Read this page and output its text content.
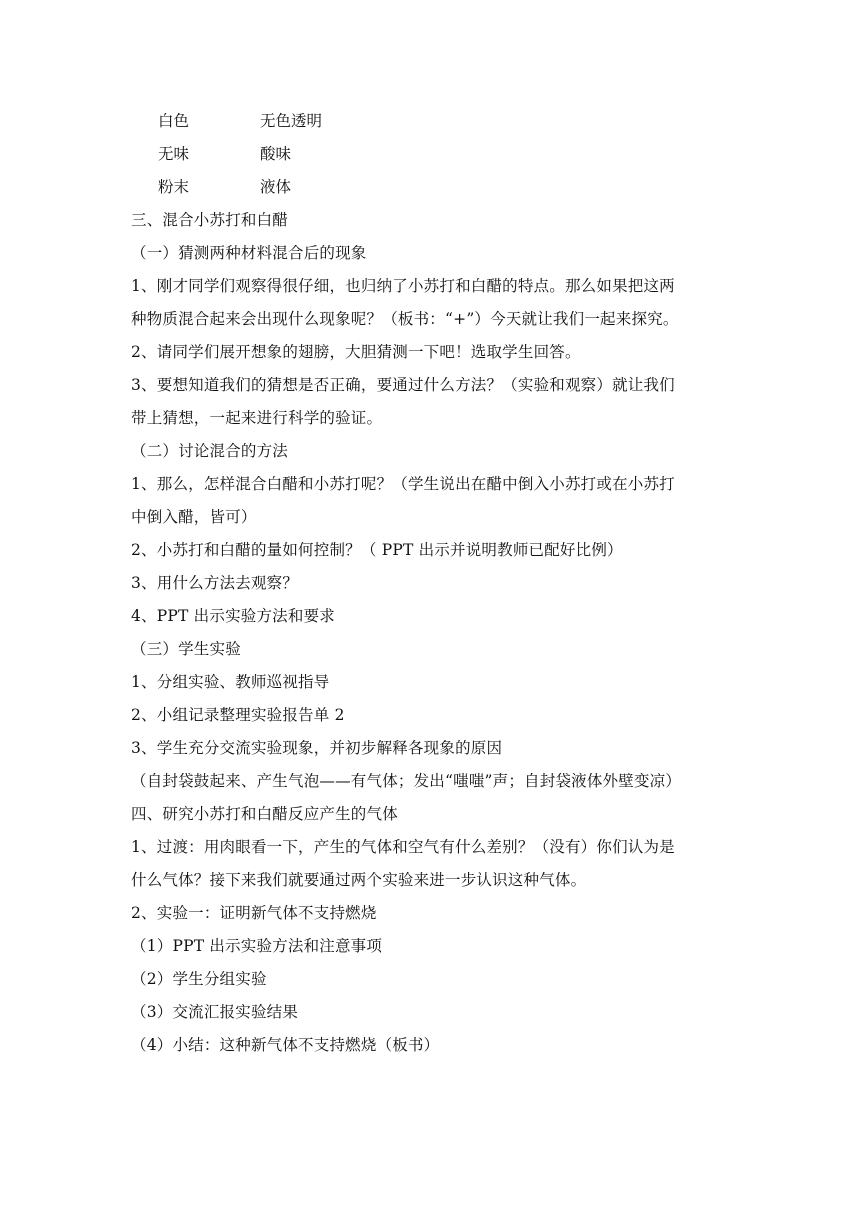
白色	无色透明
无味	酸味
粉末	液体
三、混合小苏打和白醋
（一）猜测两种材料混合后的现象
1、刚才同学们观察得很仔细，也归纳了小苏打和白醋的特点。那么如果把这两
种物质混合起来会出现什么现象呢？（板书：“+”）今天就让我们一起来探究。
2、请同学们展开想象的翅膀，大胆猜测一下吧！选取学生回答。
3、要想知道我们的猜想是否正确，要通过什么方法？（实验和观察）就让我们
带上猜想，一起来进行科学的验证。
（二）讨论混合的方法
1、那么，怎样混合白醋和小苏打呢？（学生说出在醋中倒入小苏打或在小苏打
中倒入醋，皆可）
2、小苏打和白醋的量如何控制？（ PPT 出示并说明教师已配好比例）
3、用什么方法去观察？
4、PPT 出示实验方法和要求
（三）学生实验
1、分组实验、教师巡视指导
2、小组记录整理实验报告单 2
3、学生充分交流实验现象，并初步解释各现象的原因
（自封袋鼓起来、产生气泡——有气体；发出“嗤嗤”声；自封袋液体外壁变凉）
四、研究小苏打和白醋反应产生的气体
1、过渡：用肉眼看一下，产生的气体和空气有什么差别？（没有）你们认为是
什么气体？接下来我们就要通过两个实验来进一步认识这种气体。
2、实验一：证明新气体不支持燃烧
（1）PPT 出示实验方法和注意事项
（2）学生分组实验
（3）交流汇报实验结果
（4）小结：这种新气体不支持燃烧（板书）
